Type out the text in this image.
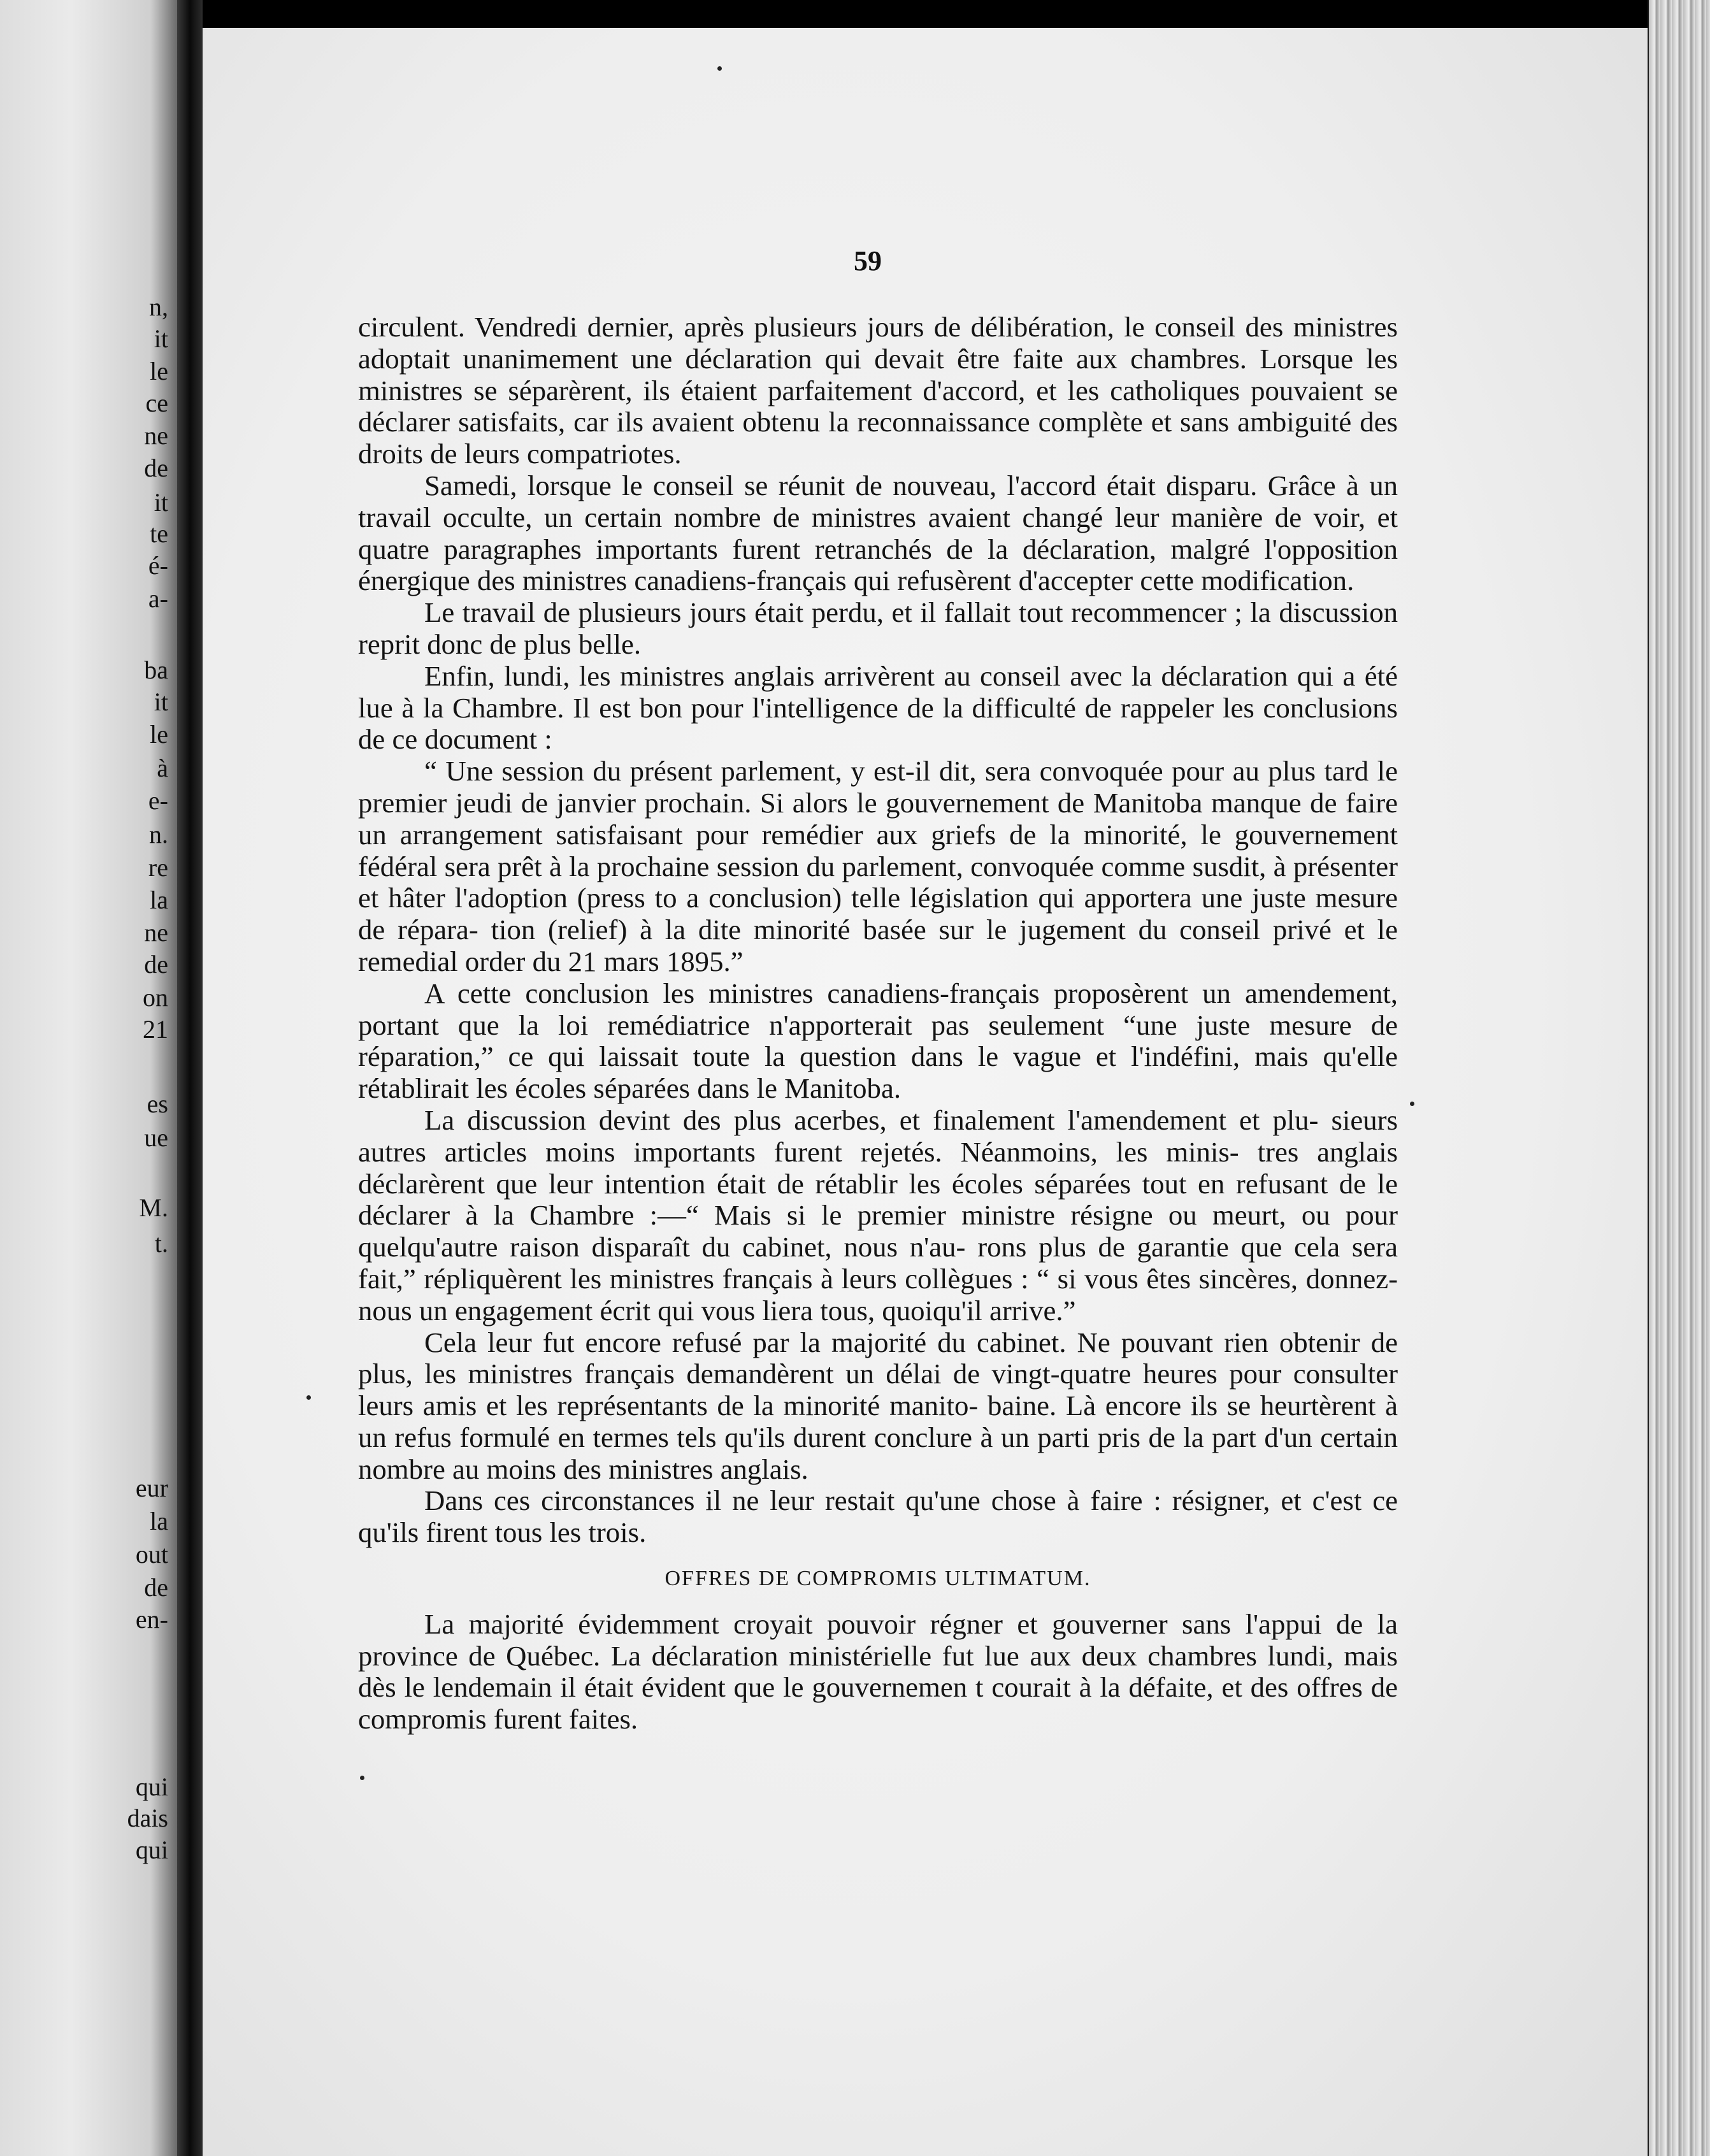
n,

it

le

ce

ne

de

it

te

é-

a-

ba

it

le

à

e-

n.

re

la

ne

de

on

21

es

ue

M.

t.

eur

la

out

de

en-

qui

dais

qui

59

circulent. Vendredi dernier, après plusieurs jours de délibération, le conseil des ministres adoptait unanimement une déclaration qui devait être faite aux chambres. Lorsque les ministres se séparèrent, ils étaient parfaitement d'accord, et les catholiques pouvaient se déclarer satisfaits, car ils avaient obtenu la reconnaissance complète et sans ambiguité des droits de leurs compatriotes.

Samedi, lorsque le conseil se réunit de nouveau, l'accord était disparu. Grâce à un travail occulte, un certain nombre de ministres avaient changé leur manière de voir, et quatre paragraphes importants furent retranchés de la déclaration, malgré l'opposition énergique des ministres canadiens-français qui refusèrent d'accepter cette modification.

Le travail de plusieurs jours était perdu, et il fallait tout recommencer ; la discussion reprit donc de plus belle.

Enfin, lundi, les ministres anglais arrivèrent au conseil avec la déclaration qui a été lue à la Chambre. Il est bon pour l'intelligence de la difficulté de rappeler les conclusions de ce document :

“ Une session du présent parlement, y est-il dit, sera convoquée pour au plus tard le premier jeudi de janvier prochain. Si alors le gouvernement de Manitoba manque de faire un arrangement satisfaisant pour remédier aux griefs de la minorité, le gouvernement fédéral sera prêt à la prochaine session du parlement, convoquée comme susdit, à présenter et hâter l'adoption (press to a conclusion) telle législation qui apportera une juste mesure de répara- tion (relief) à la dite minorité basée sur le jugement du conseil privé et le remedial order du 21 mars 1895.”

A cette conclusion les ministres canadiens-français proposèrent un amendement, portant que la loi remédiatrice n'apporterait pas seulement “une juste mesure de réparation,” ce qui laissait toute la question dans le vague et l'indéfini, mais qu'elle rétablirait les écoles séparées dans le Manitoba.

La discussion devint des plus acerbes, et finalement l'amendement et plu- sieurs autres articles moins importants furent rejetés. Néanmoins, les minis- tres anglais déclarèrent que leur intention était de rétablir les écoles séparées tout en refusant de le déclarer à la Chambre :—“ Mais si le premier ministre résigne ou meurt, ou pour quelqu'autre raison disparaît du cabinet, nous n'au- rons plus de garantie que cela sera fait,” répliquèrent les ministres français à leurs collègues : “ si vous êtes sincères, donnez-nous un engagement écrit qui vous liera tous, quoiqu'il arrive.”

Cela leur fut encore refusé par la majorité du cabinet. Ne pouvant rien obtenir de plus, les ministres français demandèrent un délai de vingt-quatre heures pour consulter leurs amis et les représentants de la minorité manito- baine. Là encore ils se heurtèrent à un refus formulé en termes tels qu'ils durent conclure à un parti pris de la part d'un certain nombre au moins des ministres anglais.

Dans ces circonstances il ne leur restait qu'une chose à faire : résigner, et c'est ce qu'ils firent tous les trois.

OFFRES DE COMPROMIS ULTIMATUM.

La majorité évidemment croyait pouvoir régner et gouverner sans l'appui de la province de Québec. La déclaration ministérielle fut lue aux deux chambres lundi, mais dès le lendemain il était évident que le gouvernemen t courait à la défaite, et des offres de compromis furent faites.
